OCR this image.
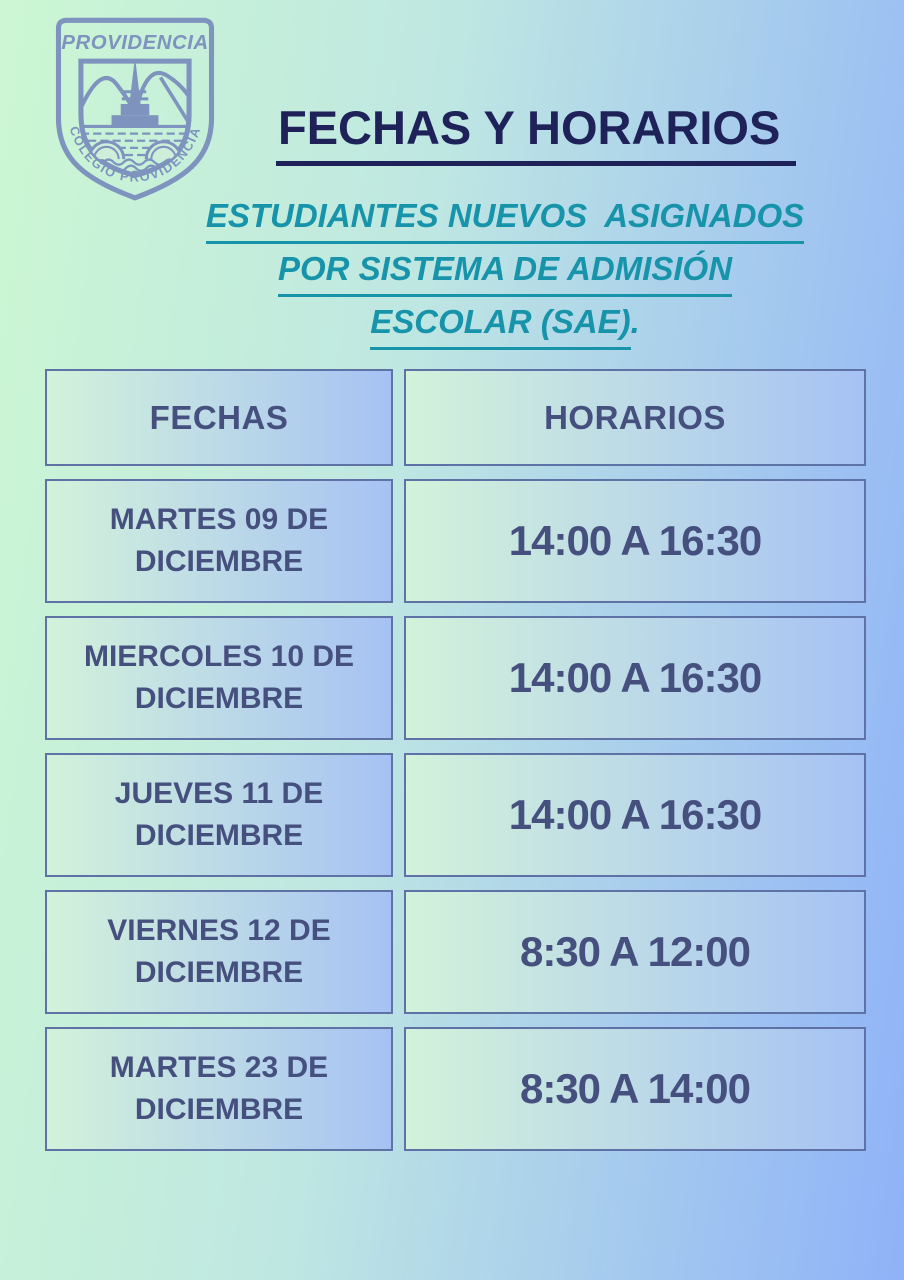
PROVIDENCIA
COLEGIO PROVIDENCIA FECHAS Y HORARIOS
ESTUDIANTES NUEVOS  ASIGNADOS
POR SISTEMA DE ADMISIÓN
ESCOLAR (SAE).
FECHAS	HORARIOS
MARTES 09 DE
DICIEMBRE	14:00 A 16:30
MIERCOLES 10 DE
DICIEMBRE	14:00 A 16:30
JUEVES 11 DE
DICIEMBRE	14:00 A 16:30
VIERNES 12 DE
DICIEMBRE	8:30 A 12:00
MARTES 23 DE
DICIEMBRE	8:30 A 14:00
